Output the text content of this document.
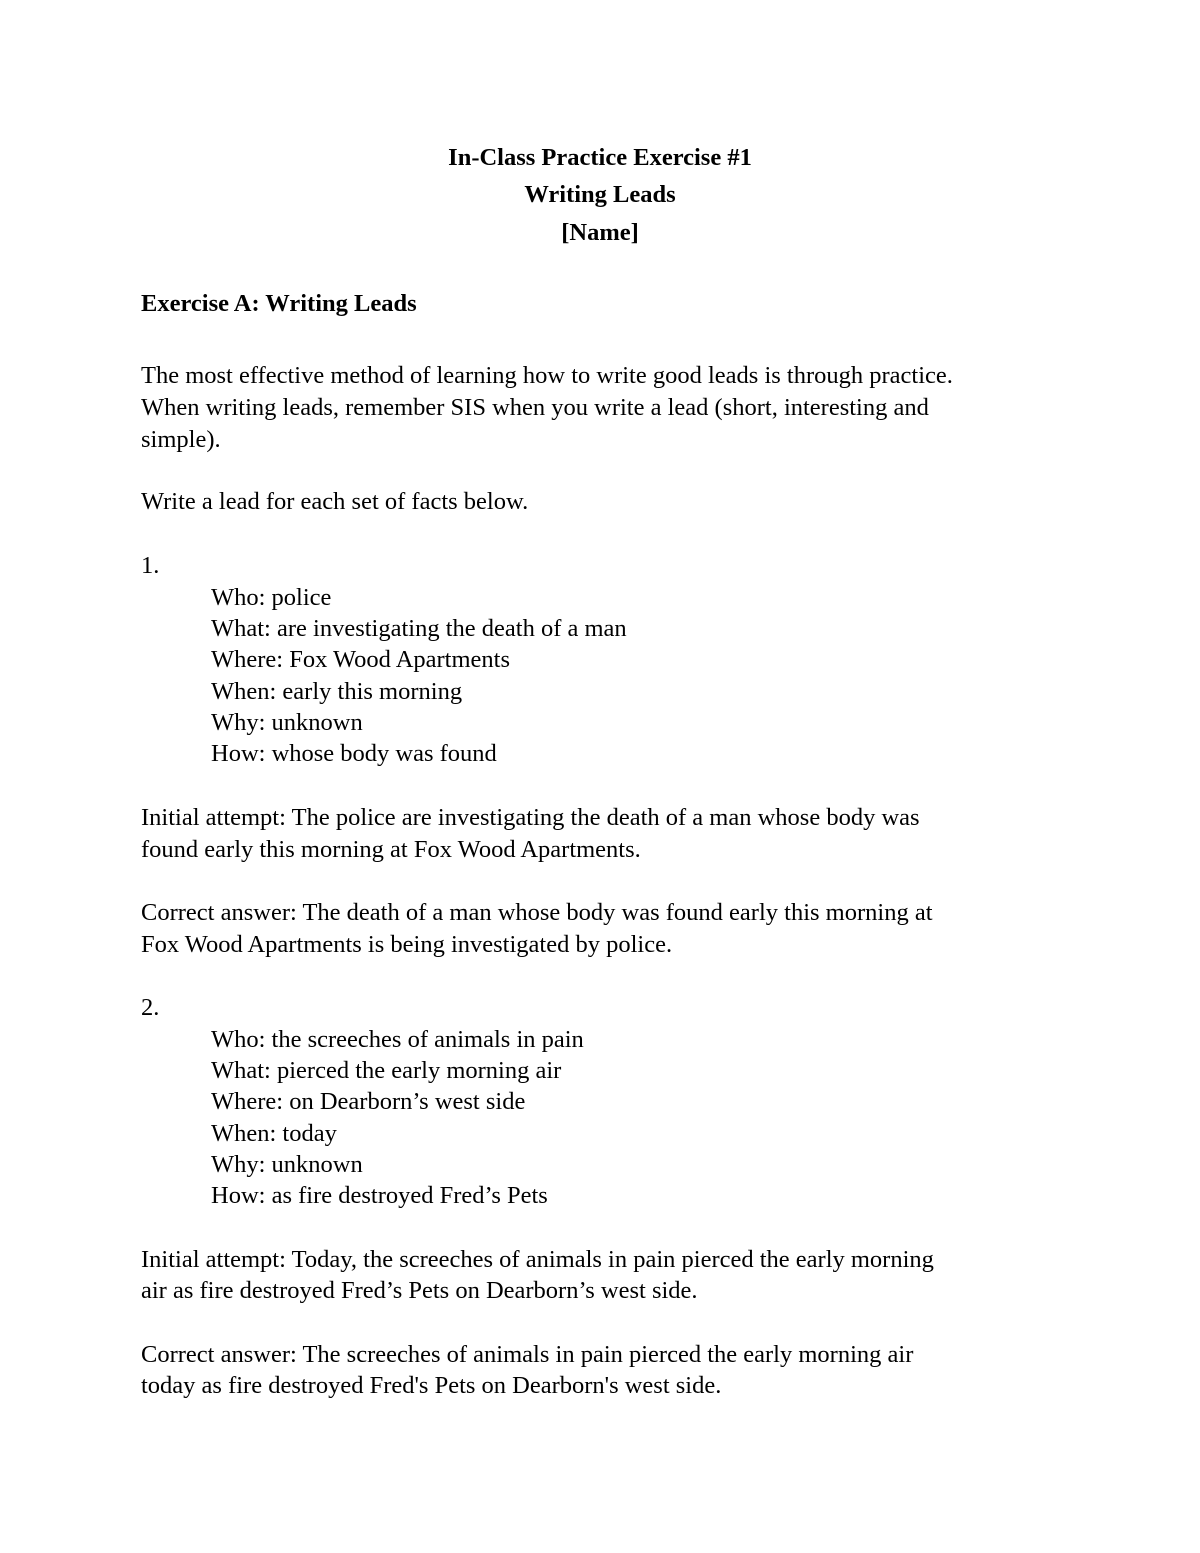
In-Class Practice Exercise #1
Writing Leads
[Name]
Exercise A: Writing Leads
The most effective method of learning how to write good leads is through practice.
When writing leads, remember SIS when you write a lead (short, interesting and
simple).
Write a lead for each set of facts below.
1.
Who: police
What: are investigating the death of a man
Where: Fox Wood Apartments
When: early this morning
Why: unknown
How: whose body was found
Initial attempt: The police are investigating the death of a man whose body was
found early this morning at Fox Wood Apartments.
Correct answer: The death of a man whose body was found early this morning at
Fox Wood Apartments is being investigated by police.
2.
Who: the screeches of animals in pain
What: pierced the early morning air
Where: on Dearborn’s west side
When: today
Why: unknown
How: as fire destroyed Fred’s Pets
Initial attempt: Today, the screeches of animals in pain pierced the early morning
air as fire destroyed Fred’s Pets on Dearborn’s west side.
Correct answer: The screeches of animals in pain pierced the early morning air
today as fire destroyed Fred's Pets on Dearborn's west side.
